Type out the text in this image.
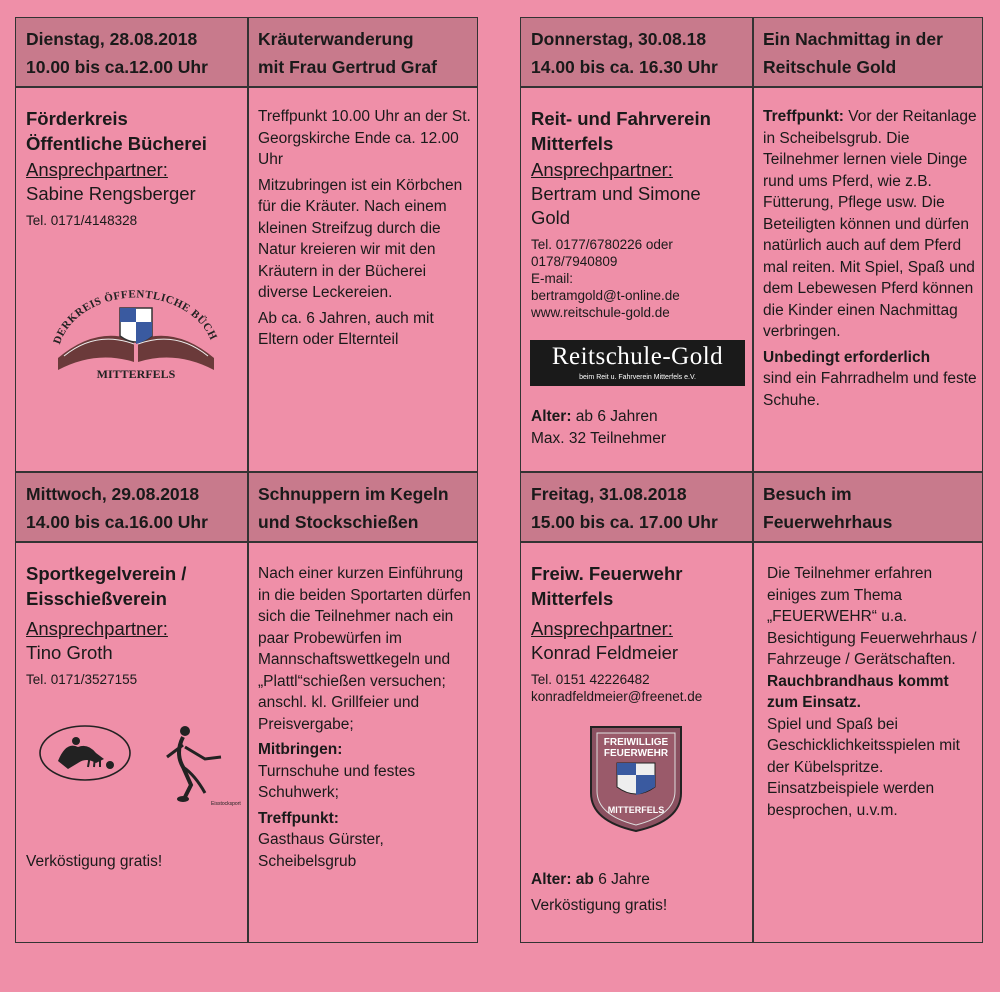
Dienstag, 28.08.2018
10.00 bis ca.12.00 Uhr
Kräuterwanderung
mit Frau Gertrud Graf
Förderkreis
Öffentliche Bücherei
Ansprechpartner:
Sabine Rengsberger
Tel. 0171/4148328
DERKREIS ÖFFENTLICHE BÜCH
MITTERFELS

Treffpunkt 10.00 Uhr an der St. Georgskirche Ende ca. 12.00 Uhr

Mitzubringen ist ein Körbchen für die Kräuter. Nach einem kleinen Streifzug durch die Natur kreieren wir mit den Kräutern in der Bücherei diverse Leckereien.

Ab ca. 6 Jahren, auch mit Eltern oder Elternteil

Mittwoch, 29.08.2018
14.00 bis ca.16.00 Uhr
Schnuppern im Kegeln
und Stockschießen
Sportkegelverein /
Eisschießverein
Ansprechpartner:
Tino Groth
Tel. 0171/3527155
Eisstocksport
Verköstigung gratis!

Nach einer kurzen Einführung in die beiden Sportarten dürfen sich die Teilnehmer nach ein paar Probewürfen im Mannschaftswettkegeln und „Plattl“schießen versuchen; anschl. kl. Grillfeier und Preisvergabe;

Mitbringen:

Turnschuhe und festes Schuhwerk;

Treffpunkt:

Gasthaus Gürster, Scheibelsgrub

Donnerstag, 30.08.18
14.00 bis ca. 16.30 Uhr
Ein Nachmittag in der
Reitschule Gold
Reit- und Fahrverein
Mitterfels
Ansprechpartner:
Bertram und Simone
Gold
Tel. 0177/6780226 oder
0178/7940809
E-mail:
bertramgold@t-online.de
www.reitschule-gold.de
Reitschule-Gold
beim Reit u. Fahrverein Mitterfels e.V.
Alter: ab 6 Jahren
Max. 32 Teilnehmer

Treffpunkt: Vor der Reitanlage in Scheibelsgrub. Die Teilnehmer lernen viele Dinge rund ums Pferd, wie z.B. Fütterung, Pflege usw. Die Beteiligten können und dürfen natürlich auch auf dem Pferd mal reiten. Mit Spiel, Spaß und dem Lebewesen Pferd können die Kinder einen Nachmittag verbringen.

Unbedingt erforderlich
sind ein Fahrradhelm und feste Schuhe.
Freitag, 31.08.2018
15.00 bis ca. 17.00 Uhr
Besuch im
Feuerwehrhaus
Freiw. Feuerwehr
Mitterfels
Ansprechpartner:
Konrad Feldmeier
Tel. 0151 42226482
konradfeldmeier@freenet.de
FREIWILLIGE
FEUERWEHR
MITTERFELS
Alter: ab 6 Jahre
Verköstigung gratis!
Die Teilnehmer erfahren einiges zum Thema „FEUERWEHR“ u.a. Besichtigung Feuerwehrhaus / Fahrzeuge / Gerätschaften.
Rauchbrandhaus kommt zum Einsatz.
Spiel und Spaß bei Geschicklichkeitsspielen mit der Kübelspritze. Einsatzbeispiele werden besprochen, u.v.m.
